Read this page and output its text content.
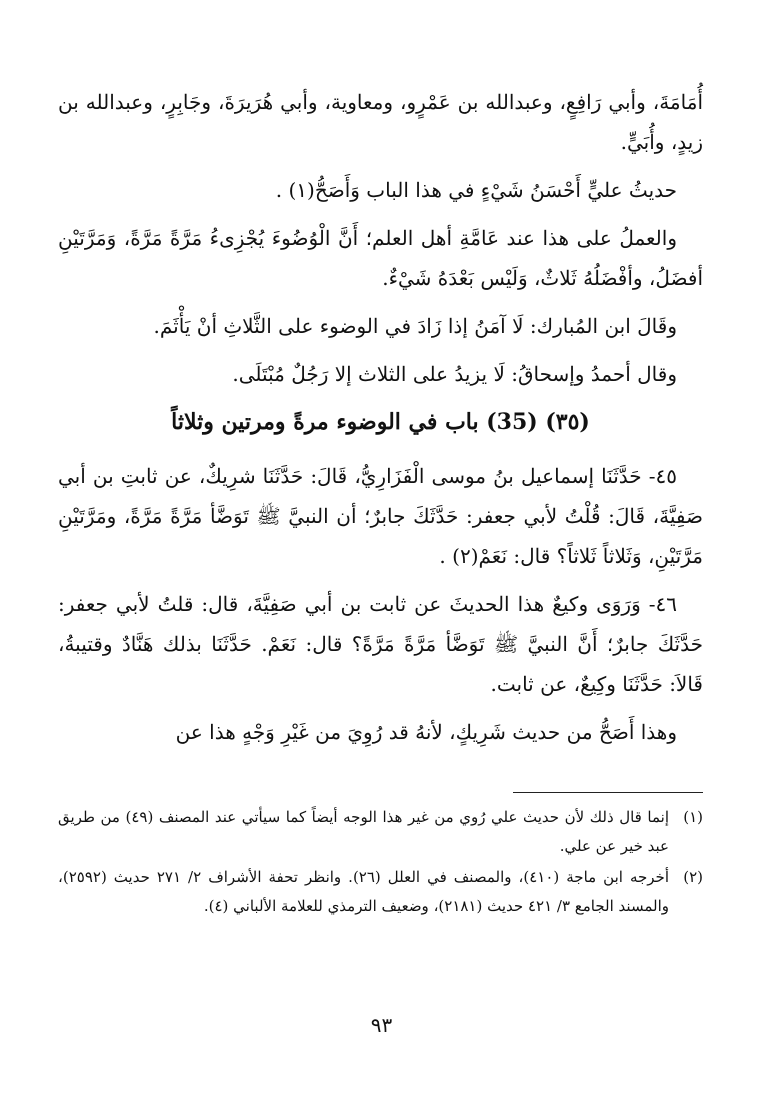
أُمَامَةَ، وأبي رَافِعٍ، وعبدالله بن عَمْرٍو، ومعاوية، وأبي هُرَيرَةَ، وجَابِرٍ، وعبدالله بن زيدٍ، وأُبَيٍّ.

حديثُ عليٍّ أَحْسَنُ شَيْءٍ في هذا الباب وَأَصَحُّ(١) .

والعملُ على هذا عند عَامَّةِ أهل العلم؛ أَنَّ الْوُضُوءَ يُجْزِىءُ مَرَّةً مَرَّةً، وَمَرَّتَيْنِ أفضَلُ، وأفْضَلُهُ ثَلاثٌ، وَلَيْس بَعْدَهُ شَيْءٌ.

وقَالَ ابن المُبارك: لَا آمَنُ إذا زَادَ في الوضوء على الثَّلاثِ أنْ يَأْثَمَ.

وقال أحمدُ وإسحاقُ: لَا يزيدُ على الثلاث إلا رَجُلٌ مُبْتَلَى.

(٣٥) (35) باب في الوضوء مرةً ومرتين وثلاثاً

٤٥- حَدَّثَنَا إسماعيل بنُ موسى الْفَزَارِيُّ، قَالَ: حَدَّثَنَا شرِيكٌ، عن ثابتِ بن أبي صَفِيَّةَ، قَالَ: قُلْتُ لأبي جعفر: حَدَّثَكَ جابرٌ؛ أن النبيَّ ﷺ تَوَضَّأ مَرَّةً مَرَّةً، ومَرَّتَيْنِ مَرَّتَيْنِ، وَثَلاثاً ثَلاثاً؟ قال: نَعَمْ(٢) .

٤٦- وَرَوَى وكيعٌ هذا الحديثَ عن ثابت بن أبي صَفِيَّةَ، قال: قلتُ لأبي جعفر: حَدَّثَكَ جابرٌ؛ أَنَّ النبيَّ ﷺ تَوَضَّأ مَرَّةً مَرَّةً؟ قال: نَعَمْ. حَدَّثَنَا بذلك هَنَّادٌ وقتيبةُ، قَالاَ: حَدَّثَنَا وكِيعٌ، عن ثابت.

وهذا أَصَحُّ من حديث شَرِيكٍ، لأنهُ قد رُوِيَ من غَيْرِ وَجْهٍ هذا عن

(١)
إنما قال ذلك لأن حديث علي رُوي من غير هذا الوجه أيضاً كما سيأتي عند المصنف (٤٩) من طريق عبد خير عن علي.
(٢)
أخرجه ابن ماجة (٤١٠)، والمصنف في العلل (٢٦). وانظر تحفة الأشراف ٢/ ٢٧١ حديث (٢٥٩٢)، والمسند الجامع ٣/ ٤٢١ حديث (٢١٨١)، وضعيف الترمذي للعلامة الألباني (٤).
٩٣
